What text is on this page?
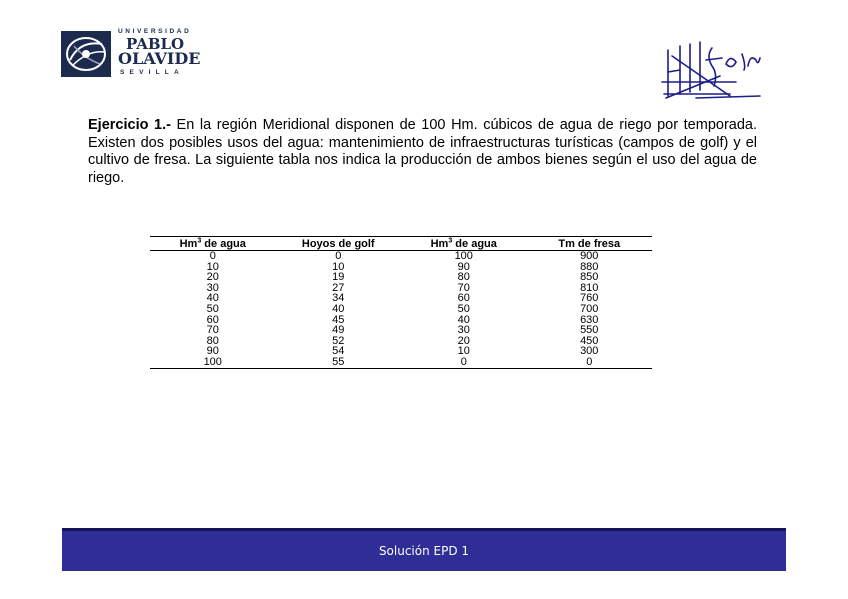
UNIVERSIDAD
PABLO
OLAVIDE
SEVILLA

Ejercicio 1.- En la región Meridional disponen de 100 Hm. cúbicos de agua de riego por temporada. Existen dos posibles usos del agua: mantenimiento de infraestructuras turísticas (campos de golf) y el cultivo de fresa. La siguiente tabla nos indica la producción de ambos bienes según el uso del agua de riego.

Hm$^3$ de agua	Hoyos de golf	Hm$^3$ de agua	Tm de fresa
0	0	100	900
10	10	90	880
20	19	80	850
30	27	70	810
40	34	60	760
50	40	50	700
60	45	40	630
70	49	30	550
80	52	20	450
90	54	10	300
100	55	0	0
Solución EPD 1
